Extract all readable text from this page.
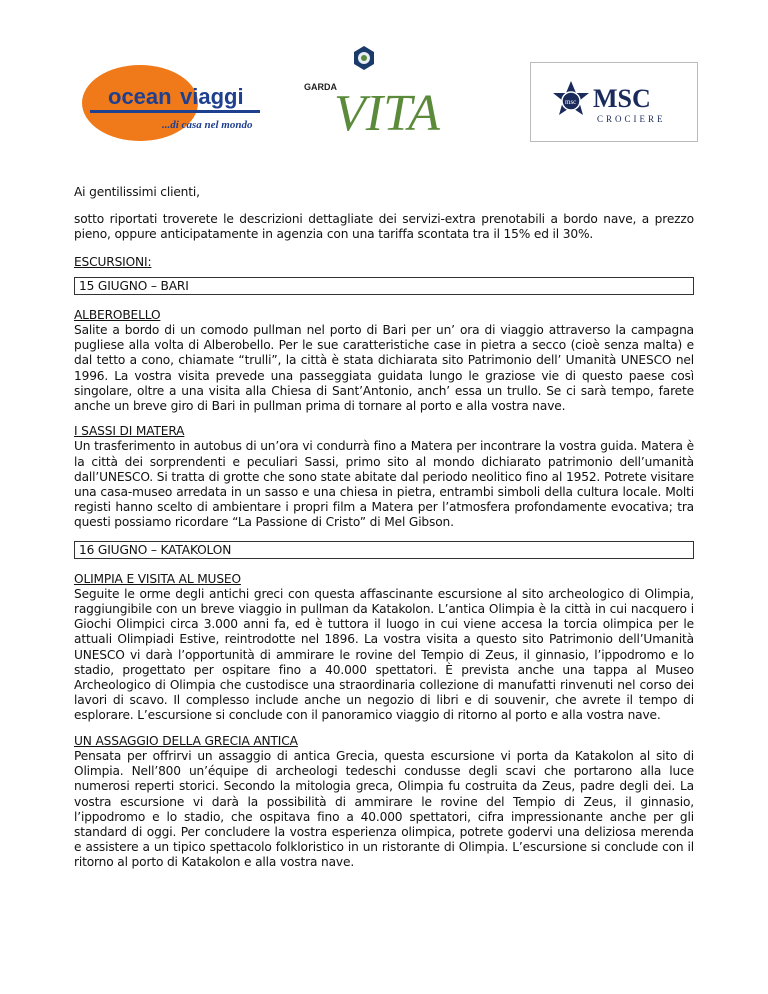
ocean viaggi
...di casa nel mondo
GARDA
VITA	msc MSC
CROCIERE

Ai gentilissimi clienti,

sotto riportati troverete le descrizioni dettagliate dei servizi-extra prenotabili a bordo nave, a prezzo pieno, oppure anticipatamente in agenzia con una tariffa scontata tra il 15% ed il 30%.

ESCURSIONI:

15 GIUGNO – BARI

ALBEROBELLO

Salite a bordo di un comodo pullman nel porto di Bari per un’ ora di viaggio attraverso la campagna pugliese alla volta di Alberobello. Per le sue caratteristiche case in pietra a secco (cioè senza malta) e dal tetto a cono, chiamate “trulli”, la città è stata dichiarata sito Patrimonio dell’ Umanità UNESCO nel 1996. La vostra visita prevede una passeggiata guidata lungo le graziose vie di questo paese così singolare, oltre a una visita alla Chiesa di Sant’Antonio, anch’ essa un trullo. Se ci sarà tempo, farete anche un breve giro di Bari in pullman prima di tornare al porto e alla vostra nave.

I SASSI DI MATERA

Un trasferimento in autobus di un’ora vi condurrà fino a Matera per incontrare la vostra guida. Matera è la città dei sorprendenti e peculiari Sassi, primo sito al mondo dichiarato patrimonio dell’umanità dall’UNESCO. Si tratta di grotte che sono state abitate dal periodo neolitico fino al 1952. Potrete visitare una casa-museo arredata in un sasso e una chiesa in pietra, entrambi simboli della cultura locale. Molti registi hanno scelto di ambientare i propri film a Matera per l’atmosfera profondamente evocativa; tra questi possiamo ricordare “La Passione di Cristo” di Mel Gibson.

16 GIUGNO – KATAKOLON

OLIMPIA E VISITA AL MUSEO

Seguite le orme degli antichi greci con questa affascinante escursione al sito archeologico di Olimpia, raggiungibile con un breve viaggio in pullman da Katakolon. L’antica Olimpia è la città in cui nacquero i Giochi Olimpici circa 3.000 anni fa, ed è tuttora il luogo in cui viene accesa la torcia olimpica per le attuali Olimpiadi Estive, reintrodotte nel 1896. La vostra visita a questo sito Patrimonio dell’Umanità UNESCO vi darà l’opportunità di ammirare le rovine del Tempio di Zeus, il ginnasio, l’ippodromo e lo stadio, progettato per ospitare fino a 40.000 spettatori. È prevista anche una tappa al Museo Archeologico di Olimpia che custodisce una straordinaria collezione di manufatti rinvenuti nel corso dei lavori di scavo. Il complesso include anche un negozio di libri e di souvenir, che avrete il tempo di esplorare. L’escursione si conclude con il panoramico viaggio di ritorno al porto e alla vostra nave.

UN ASSAGGIO DELLA GRECIA ANTICA

Pensata per offrirvi un assaggio di antica Grecia, questa escursione vi porta da Katakolon al sito di Olimpia. Nell’800 un’équipe di archeologi tedeschi condusse degli scavi che portarono alla luce numerosi reperti storici. Secondo la mitologia greca, Olimpia fu costruita da Zeus, padre degli dei. La vostra escursione vi darà la possibilità di ammirare le rovine del Tempio di Zeus, il ginnasio, l’ippodromo e lo stadio, che ospitava fino a 40.000 spettatori, cifra impressionante anche per gli standard di oggi. Per concludere la vostra esperienza olimpica, potrete godervi una deliziosa merenda e assistere a un tipico spettacolo folkloristico in un ristorante di Olimpia. L’escursione si conclude con il ritorno al porto di Katakolon e alla vostra nave.
